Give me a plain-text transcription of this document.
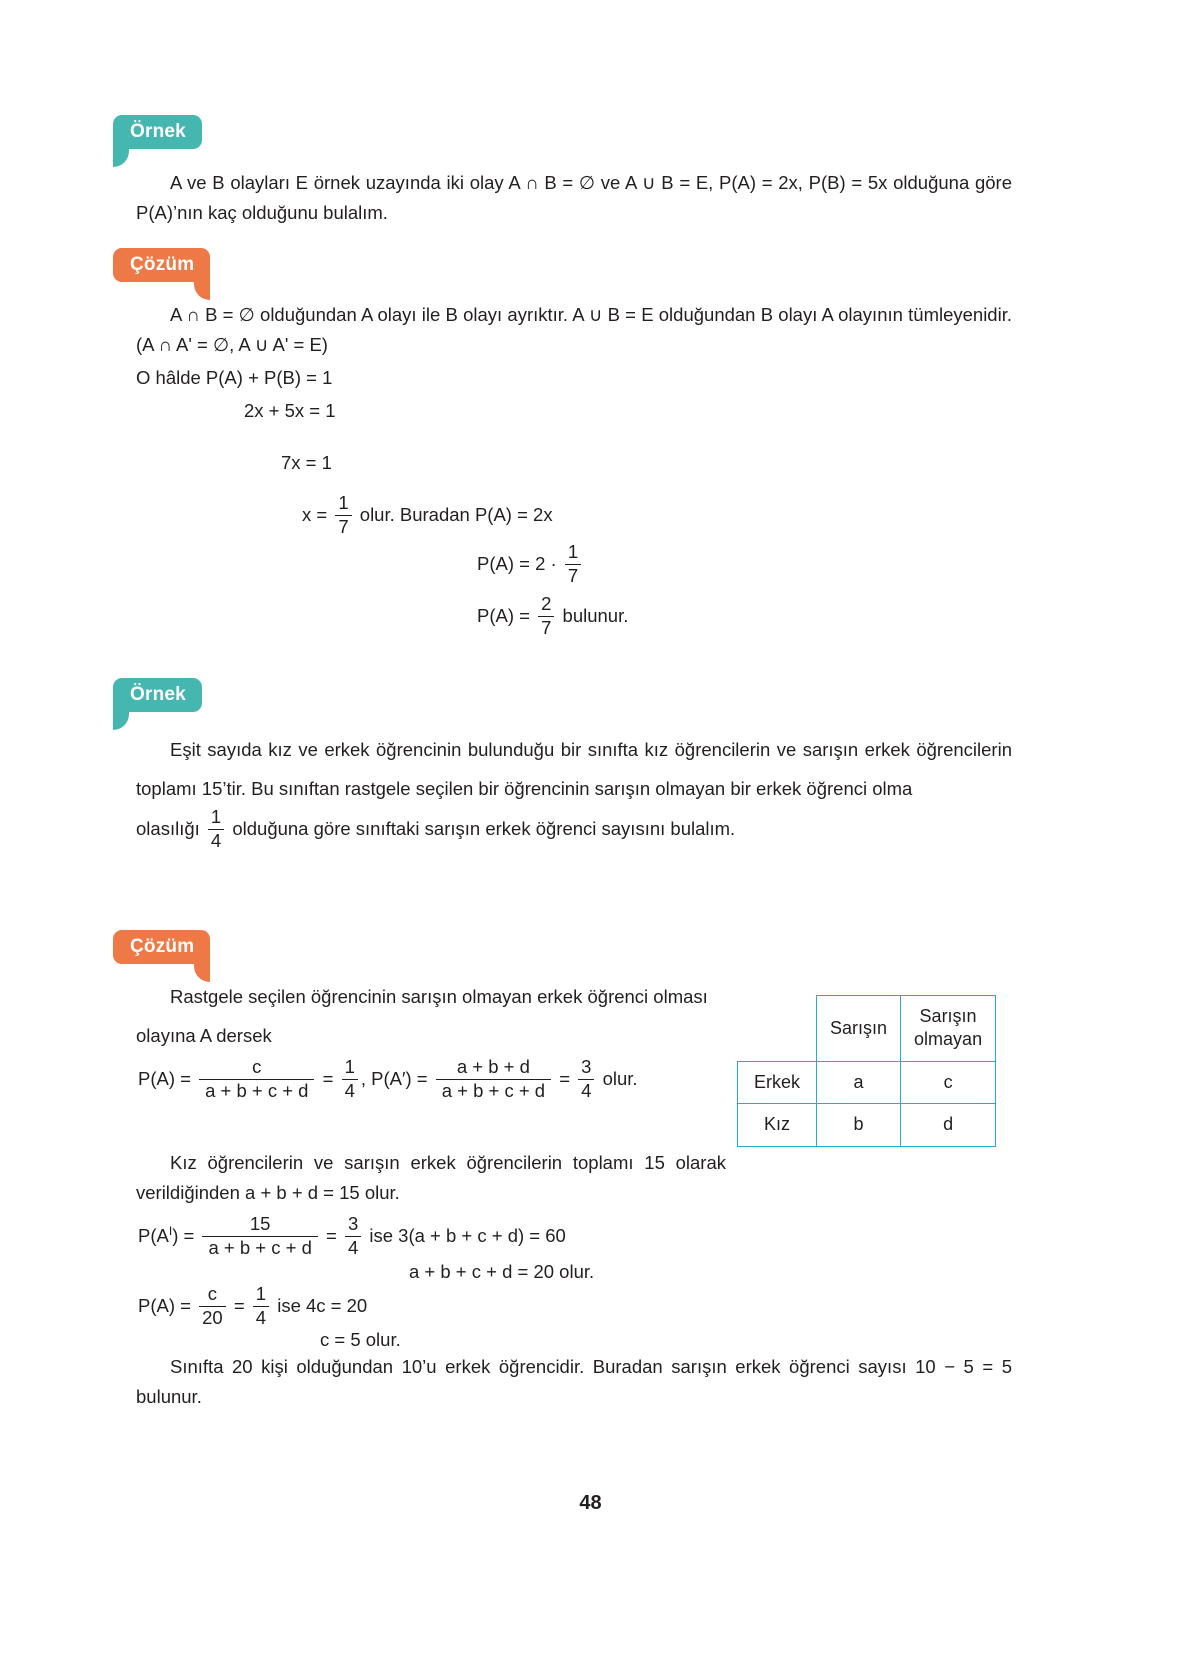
Örnek
A ve B olayları E örnek uzayında iki olay A ∩ B = ∅ ve A ∪ B = E, P(A) = 2x, P(B) = 5x olduğuna göre P(A)’nın kaç olduğunu bulalım.
Çözüm
A ∩ B = ∅ olduğundan A olayı ile B olayı ayrıktır. A ∪ B = E olduğundan B olayı A olayının tümleyenidir. (A ∩ A' = ∅, A ∪ A' = E)
O hâlde P(A) + P(B) = 1
2x + 5x = 1
7x = 1
$x = \frac{1}{7}$ olur. Buradan P(A) = 2x
$P(A) = 2 \cdot \frac{1}{7}$
$P(A) = \frac{2}{7}$ bulunur.
Örnek
Eşit sayıda kız ve erkek öğrencinin bulunduğu bir sınıfta kız öğrencilerin ve sarışın erkek öğrencilerin toplamı 15’tir. Bu sınıftan rastgele seçilen bir öğrencinin sarışın olmayan bir erkek öğrenci olma
olasılığı $\frac{1}{4}$ olduğuna göre sınıftaki sarışın erkek öğrenci sayısını bulalım.
Çözüm
Rastgele seçilen öğrencinin sarışın olmayan erkek öğrenci olması
olayına A dersek
$P(A) = \frac{c}{a + b + c + d} = \frac{1}{4}$ , $P(A') = \frac{a + b + d}{a + b + c + d} = \frac{3}{4}$ olur.
	Sarışın	Sarışın
olmayan
Erkek	a	c
Kız	b	d
Kız öğrencilerin ve sarışın erkek öğrencilerin toplamı 15 olarak verildiğinden a + b + d = 15 olur.
$P(A^I) = \frac{15}{a + b + c + d} = \frac{3}{4}$ ise 3(a + b + c + d) = 60
a + b + c + d = 20 olur.
$P(A) = \frac{c}{20} = \frac{1}{4}$ ise 4c = 20
c = 5 olur.
Sınıfta 20 kişi olduğundan 10’u erkek öğrencidir. Buradan sarışın erkek öğrenci sayısı 10 − 5 = 5 bulunur.
48
